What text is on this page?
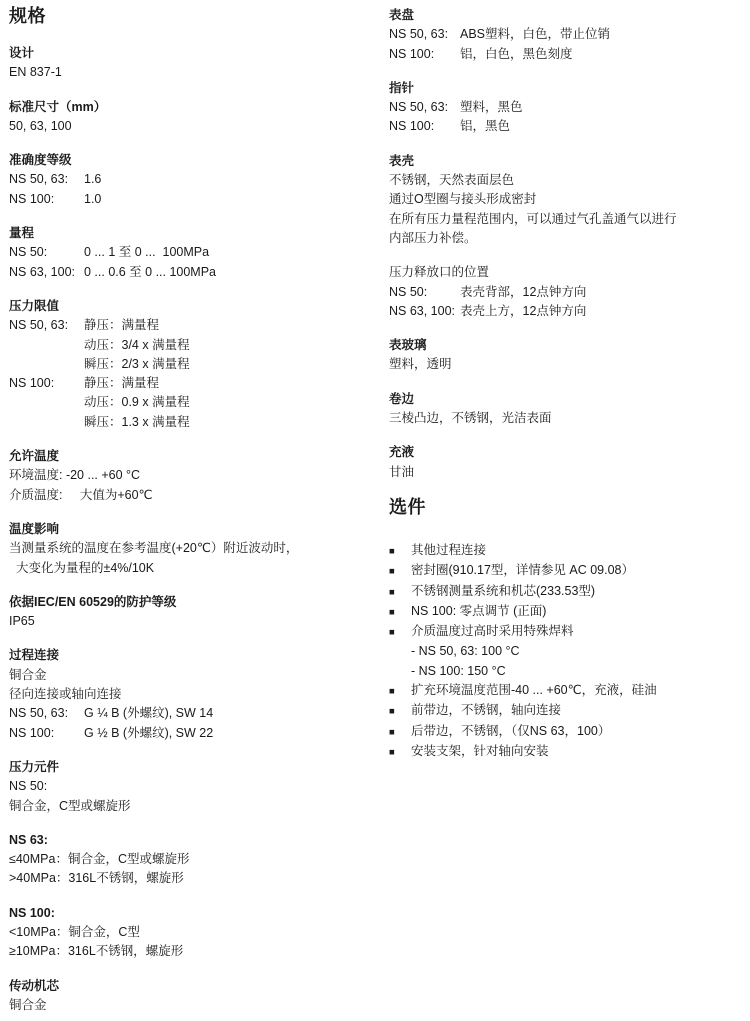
规格
设计
EN 837-1
标准尺寸（mm）
50, 63, 100
准确度等级
NS 50, 63:	1.6
NS 100:	1.0
量程
NS 50:	0 ... 1 至 0 ...  100MPa
NS 63, 100: 0 ... 0.6 至 0 ... 100MPa
压力限值
NS 50, 63:	静压：满量程
动压：3/4 x 满量程
瞬压：2/3 x 满量程
NS 100:	静压：满量程
动压：0.9 x 满量程
瞬压：1.3 x 满量程
允许温度
环境温度: -20 ... +60 °C
介质温度:     大值为+60℃
温度影响
当测量系统的温度在参考温度(+20℃）附近波动时，
大变化为量程的±4%/10K
依据IEC/EN 60529的防护等级
IP65
过程连接
铜合金
径向连接或轴向连接
NS 50, 63:	G ¼ B (外螺纹), SW 14
NS 100:	G ½ B (外螺纹), SW 22
压力元件
NS 50:
铜合金，C型或螺旋形
NS 63:
≤40MPa：铜合金，C型或螺旋形
>40MPa：316L不锈钢，螺旋形
NS 100:
<10MPa：铜合金，C型
≥10MPa：316L不锈钢，螺旋形
传动机芯
铜合金
表盘
NS 50, 63: ABS塑料，白色，带止位销
NS 100:	铝，白色，黑色刻度
指针
NS 50, 63: 塑料，黑色
NS 100:	铝，黑色
表壳
不锈钢，天然表面层色
通过O型圈与接头形成密封
在所有压力量程范围内，可以通过气孔盖通气以进行
内部压力补偿。
压力释放口的位置
NS 50:	表壳背部，12点钟方向
NS 63, 100: 表壳上方，12点钟方向
表玻璃
塑料，透明
卷边
三棱凸边，不锈钢，光洁表面
充液
甘油
选件
■	其他过程连接
■	密封圈(910.17型，详情参见 AC 09.08）
■	不锈钢测量系统和机芯(233.53型)
■	NS 100: 零点调节 (正面)
■	介质温度过高时采用特殊焊料
- NS 50, 63: 100 °C
- NS 100: 150 °C
■	扩充环境温度范围-40 ... +60℃，充液，硅油
■	前带边，不锈钢，轴向连接
■	后带边，不锈钢，（仅NS 63，100）
■	安装支架，针对轴向安装
